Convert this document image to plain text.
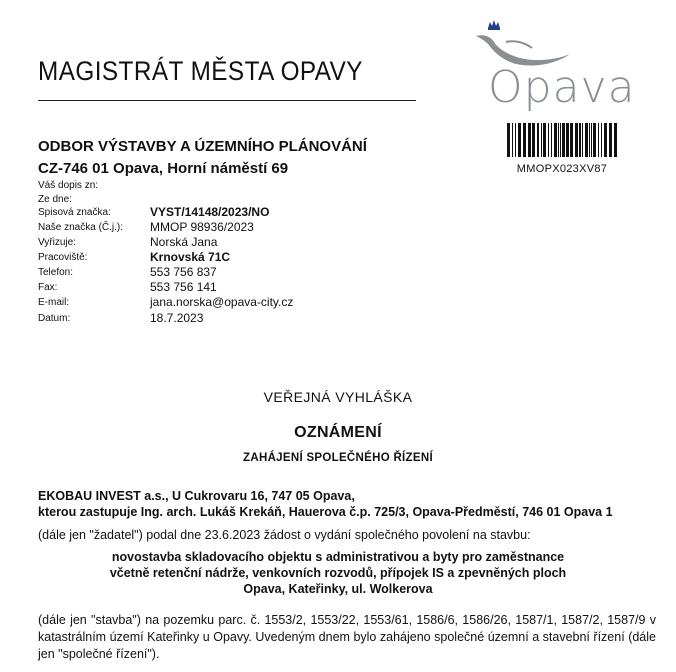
MAGISTRÁT MĚSTA OPAVY
ODBOR VÝSTAVBY A ÚZEMNÍHO PLÁNOVÁNÍ
CZ-746 01 Opava, Horní náměstí 69
Opava
MMOPX023XV87
Váš dopis zn:
Ze dne:
Spisová značka:	VYST/14148/2023/NO
Naše značka (Č.j.): MMOP 98936/2023
Vyřizuje:	Norská Jana
Pracoviště:	Krnovská 71C
Telefon:	553 756 837
Fax:	553 756 141
E-mail:	jana.norska@opava-city.cz
Datum:	18.7.2023
VEŘEJNÁ VYHLÁŠKA
OZNÁMENÍ
ZAHÁJENÍ SPOLEČNÉHO ŘÍZENÍ
EKOBAU INVEST a.s., U Cukrovaru 16, 747 05 Opava,
kterou zastupuje Ing. arch. Lukáš Krekáň, Hauerova č.p. 725/3, Opava-Předměstí, 746 01 Opava 1
(dále jen "žadatel") podal dne 23.6.2023 žádost o vydání společného povolení na stavbu:
novostavba skladovacího objektu s administrativou a byty pro zaměstnance
včetně retenční nádrže, venkovních rozvodů, přípojek IS a zpevněných ploch
Opava, Kateřinky, ul. Wolkerova
(dále jen "stavba") na pozemku parc. č. 1553/2, 1553/22, 1553/61, 1586/6, 1586/26, 1587/1, 1587/2, 1587/9 v katastrálním území Kateřinky u Opavy. Uvedeným dnem bylo zahájeno společné územní a stavební řízení (dále jen "společné řízení").
